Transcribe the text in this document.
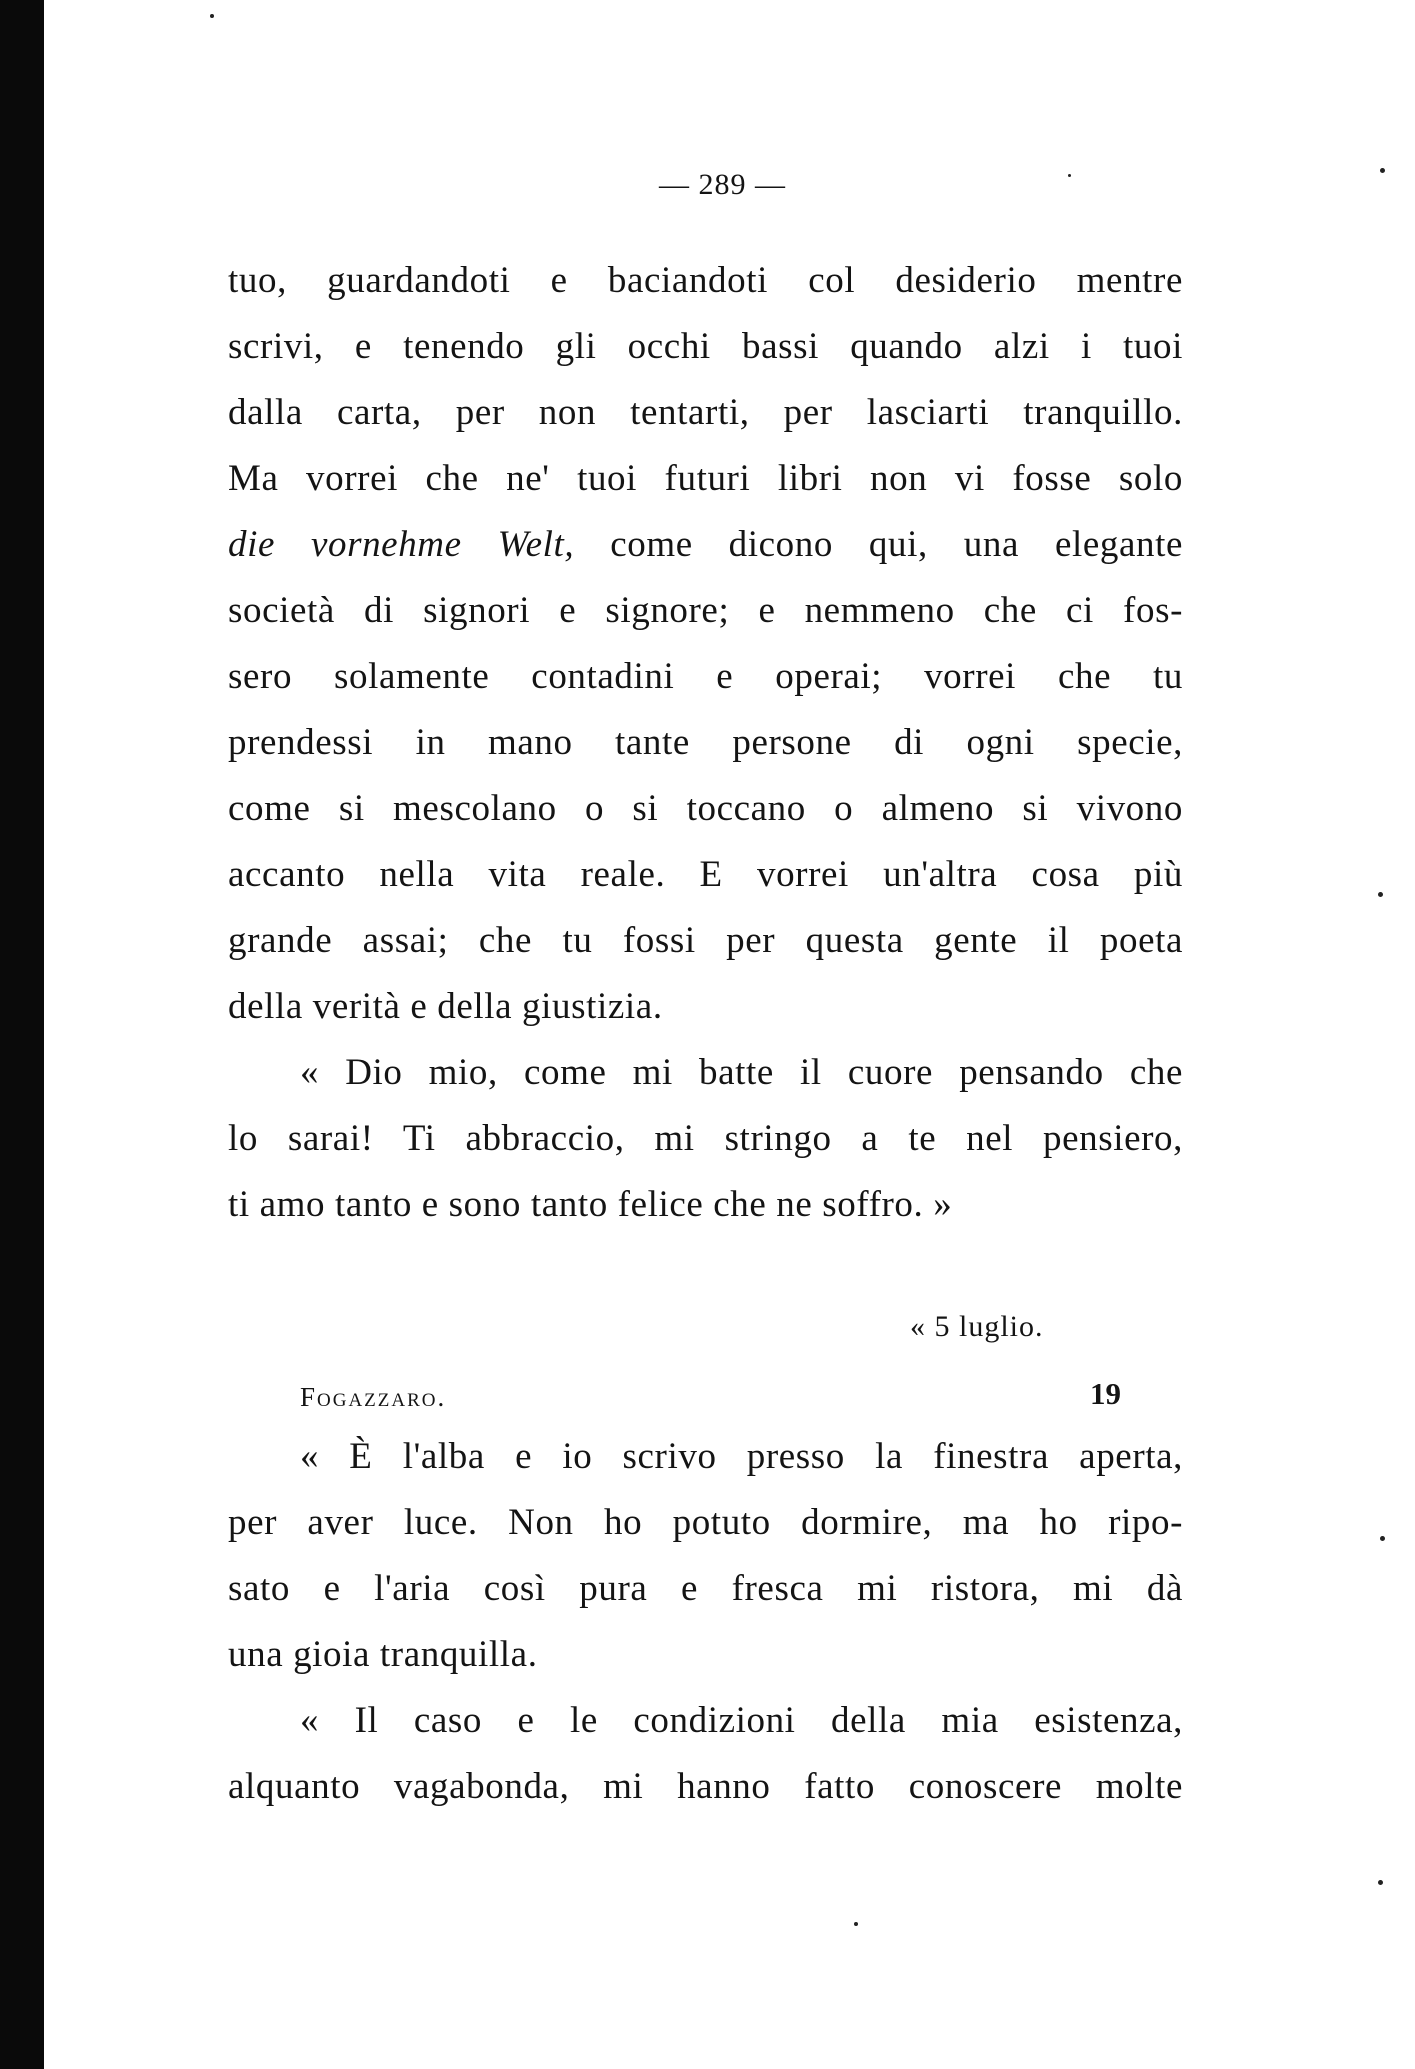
— 289 —
tuo, guardandoti e baciandoti col desiderio mentre
scrivi, e tenendo gli occhi bassi quando alzi i tuoi
dalla carta, per non tentarti, per lasciarti tranquillo.
Ma vorrei che ne' tuoi futuri libri non vi fosse solo
die vornehme Welt, come dicono qui, una elegante
società di signori e signore; e nemmeno che ci fos-
sero solamente contadini e operai; vorrei che tu
prendessi in mano tante persone di ogni specie,
come si mescolano o si toccano o almeno si vivono
accanto nella vita reale. E vorrei un'altra cosa più
grande assai; che tu fossi per questa gente il poeta
della verità e della giustizia.
« Dio mio, come mi batte il cuore pensando che
lo sarai! Ti abbraccio, mi stringo a te nel pensiero,
ti amo tanto e sono tanto felice che ne soffro. »
« 5 luglio.
« È l'alba e io scrivo presso la finestra aperta,
per aver luce. Non ho potuto dormire, ma ho ripo-
sato e l'aria così pura e fresca mi ristora, mi dà
una gioia tranquilla.
« Il caso e le condizioni della mia esistenza,
alquanto vagabonda, mi hanno fatto conoscere molte
Fogazzaro.	19
